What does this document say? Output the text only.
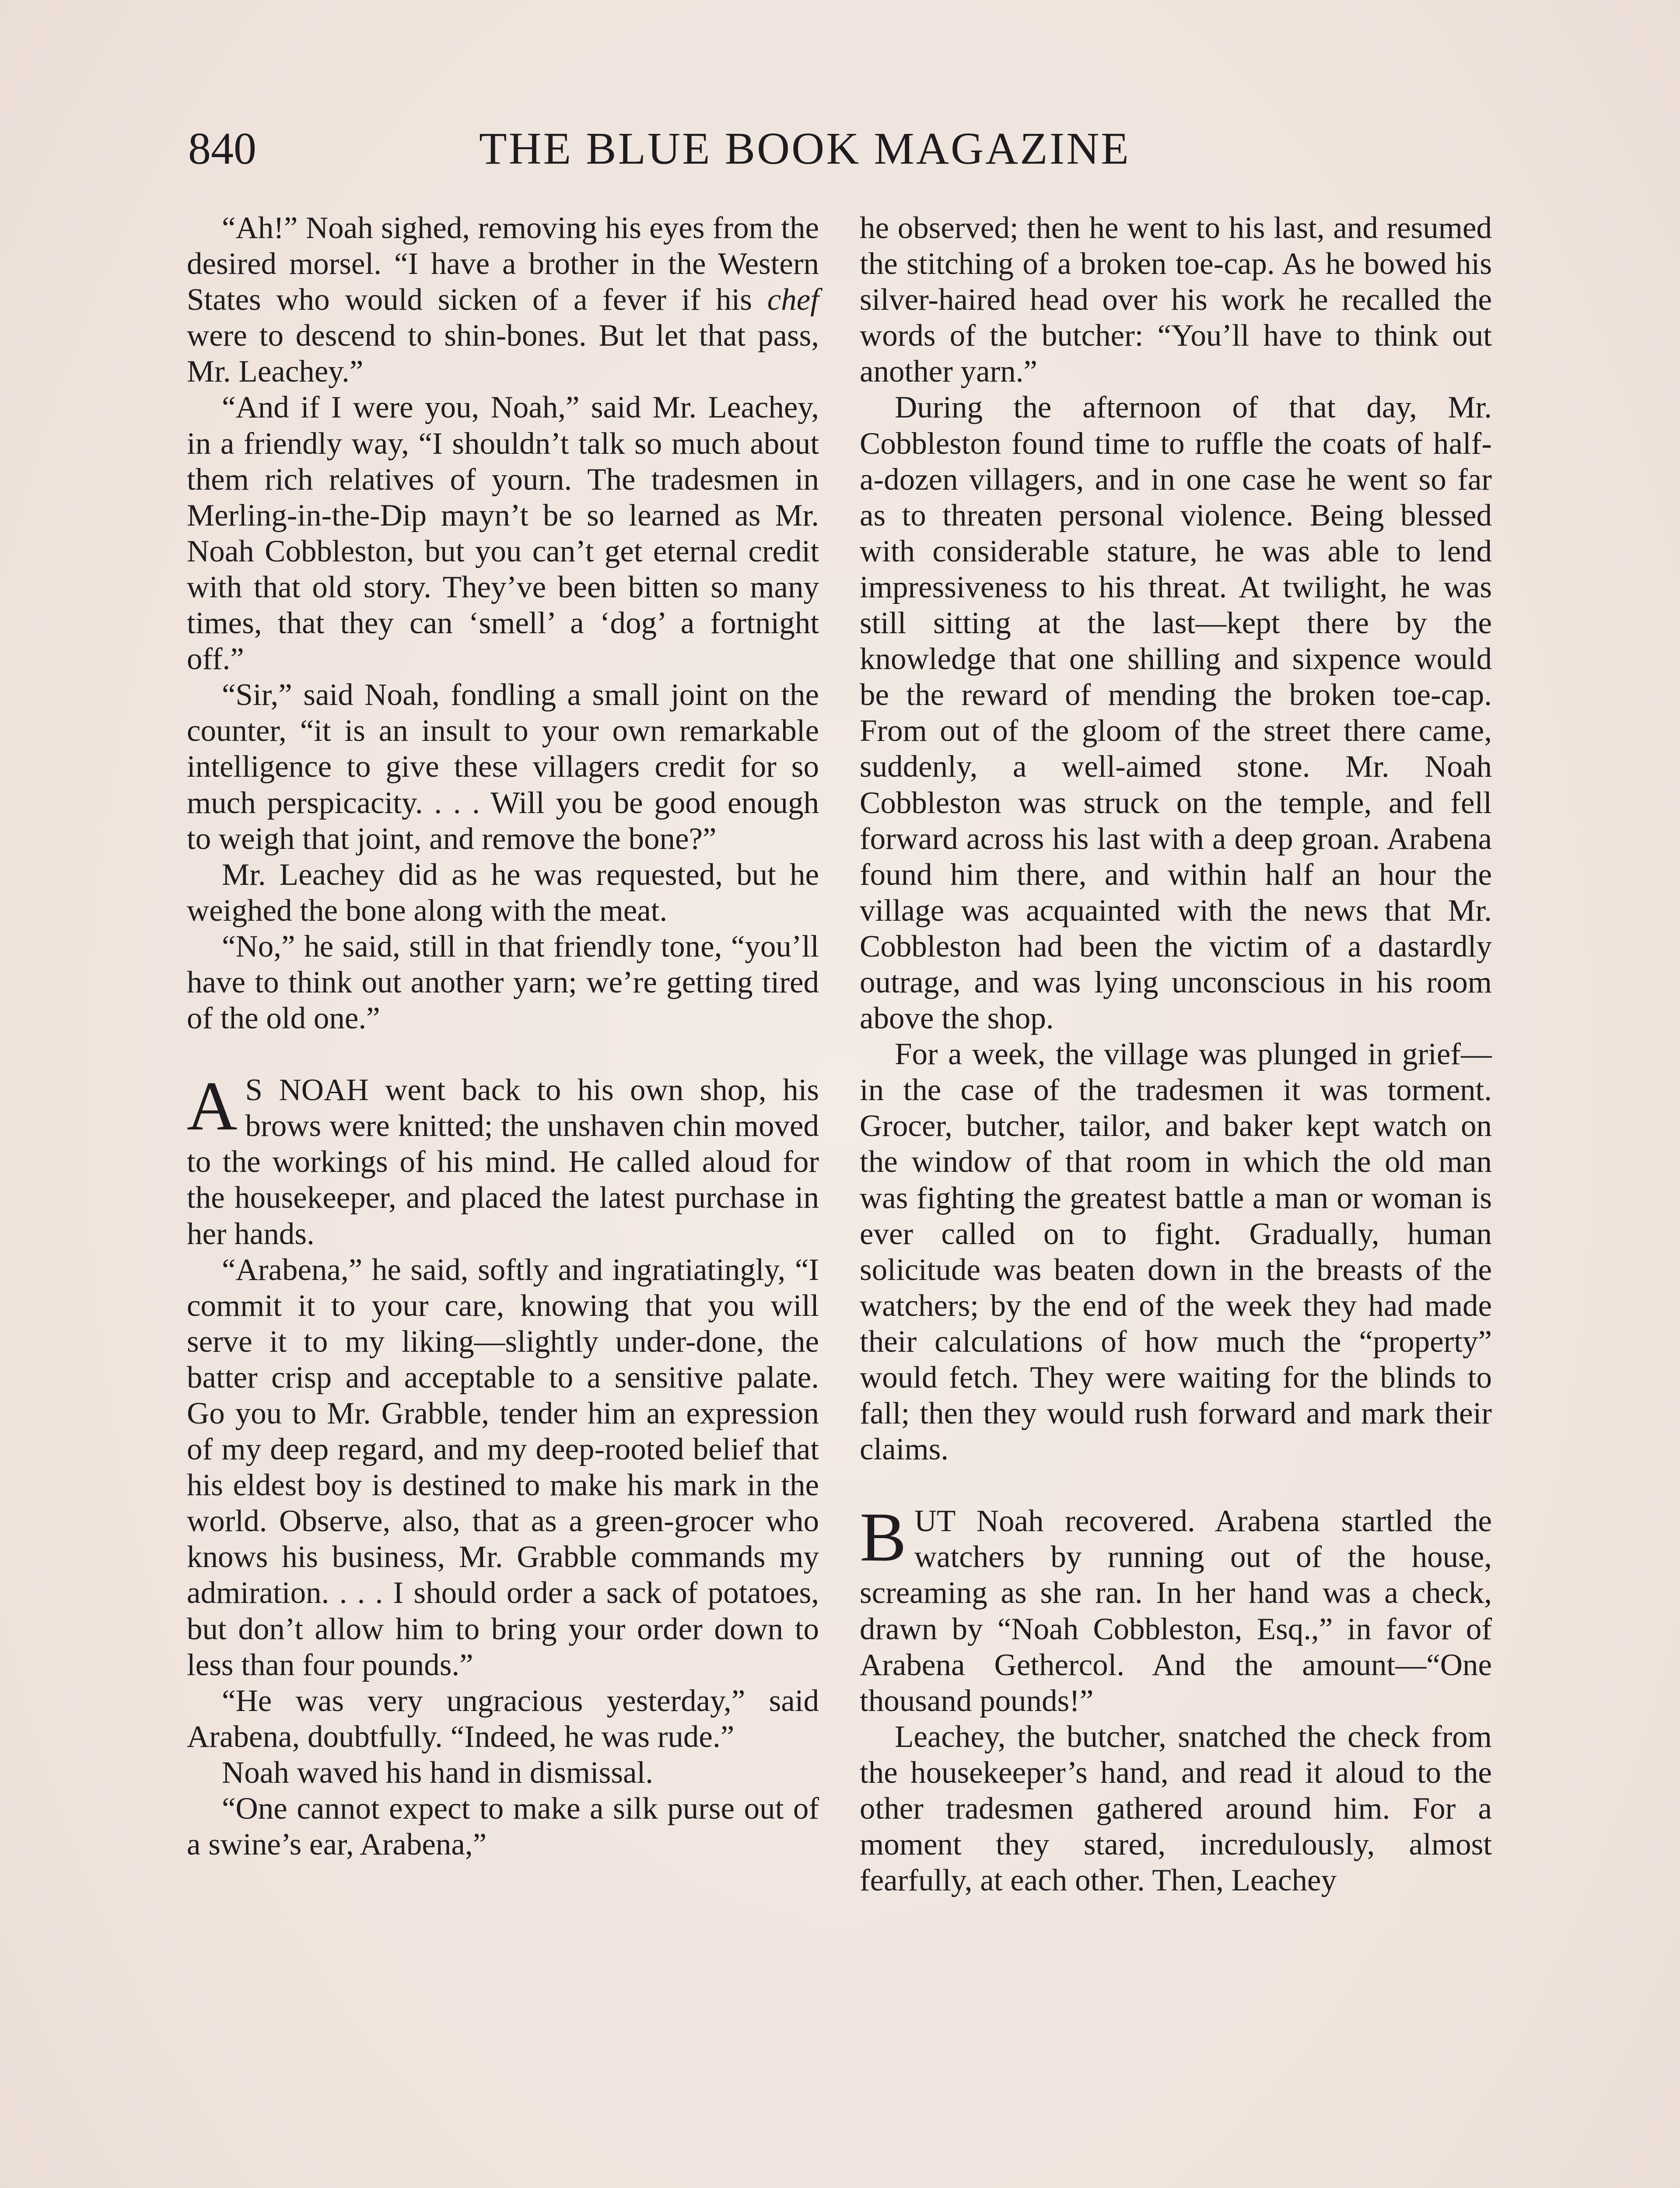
840	THE BLUE BOOK MAGAZINE

“Ah!” Noah sighed, removing his eyes from the desired morsel. “I have a brother in the Western States who would sicken of a fever if his chef were to descend to shin-bones. But let that pass, Mr. Leachey.”

“And if I were you, Noah,” said Mr. Leachey, in a friendly way, “I shouldn’t talk so much about them rich relatives of yourn. The tradesmen in Merling-in-the-Dip mayn’t be so learned as Mr. Noah Cobbleston, but you can’t get eternal credit with that old story. They’ve been bitten so many times, that they can ‘smell’ a ‘dog’ a fortnight off.”

“Sir,” said Noah, fondling a small joint on the counter, “it is an insult to your own remarkable intelligence to give these villagers credit for so much perspicacity. . . . Will you be good enough to weigh that joint, and remove the bone?”

Mr. Leachey did as he was requested, but he weighed the bone along with the meat.

“No,” he said, still in that friendly tone, “you’ll have to think out another yarn; we’re getting tired of the old one.”

A S NOAH went back to his own shop, his brows were knitted; the unshaven chin moved to the workings of his mind. He called aloud for the housekeeper, and placed the latest purchase in her hands.

“Arabena,” he said, softly and ingratiatingly, “I commit it to your care, knowing that you will serve it to my liking—slightly under-done, the batter crisp and acceptable to a sensitive palate. Go you to Mr. Grabble, tender him an expression of my deep regard, and my deep-rooted belief that his eldest boy is destined to make his mark in the world. Observe, also, that as a green-grocer who knows his business, Mr. Grabble commands my admiration. . . . I should order a sack of potatoes, but don’t allow him to bring your order down to less than four pounds.”

“He was very ungracious yesterday,” said Arabena, doubtfully. “Indeed, he was rude.”

Noah waved his hand in dismissal.

“One cannot expect to make a silk purse out of a swine’s ear, Arabena,”

he observed; then he went to his last, and resumed the stitching of a broken toe-cap. As he bowed his silver-haired head over his work he recalled the words of the butcher: “You’ll have to think out another yarn.”

During the afternoon of that day, Mr. Cobbleston found time to ruffle the coats of half-a-dozen villagers, and in one case he went so far as to threaten personal violence. Being blessed with considerable stature, he was able to lend impressiveness to his threat. At twilight, he was still sitting at the last—kept there by the knowledge that one shilling and sixpence would be the reward of mending the broken toe-cap. From out of the gloom of the street there came, suddenly, a well-aimed stone. Mr. Noah Cobbleston was struck on the temple, and fell forward across his last with a deep groan. Arabena found him there, and within half an hour the village was acquainted with the news that Mr. Cobbleston had been the victim of a dastardly outrage, and was lying unconscious in his room above the shop.

For a week, the village was plunged in grief—in the case of the tradesmen it was torment. Grocer, butcher, tailor, and baker kept watch on the window of that room in which the old man was fighting the greatest battle a man or woman is ever called on to fight. Gradually, human solicitude was beaten down in the breasts of the watchers; by the end of the week they had made their calculations of how much the “property” would fetch. They were waiting for the blinds to fall; then they would rush forward and mark their claims.

BUT Noah recovered. Arabena startled the watchers by running out of the house, screaming as she ran. In her hand was a check, drawn by “Noah Cobbleston, Esq.,” in favor of Arabena Gethercol. And the amount—“One thousand pounds!”

Leachey, the butcher, snatched the check from the housekeeper’s hand, and read it aloud to the other tradesmen gathered around him. For a moment they stared, incredulously, almost fearfully, at each other. Then, Leachey
